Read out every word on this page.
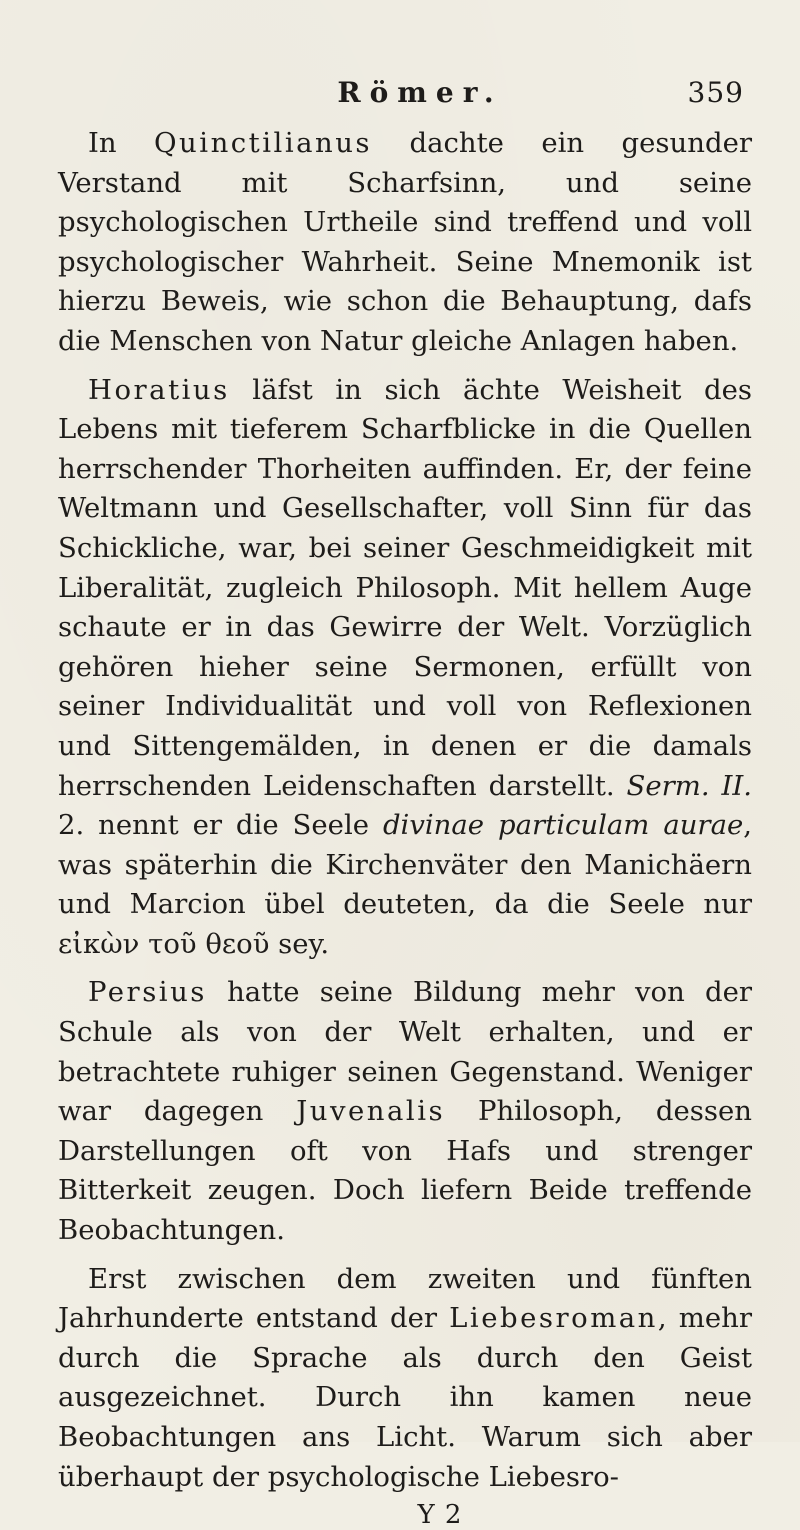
Römer.	359

In Quinctilianus dachte ein gesunder Verstand mit Scharfsinn, und seine psychologischen Urtheile sind treffend und voll psychologischer Wahrheit. Seine Mnemonik ist hierzu Beweis, wie schon die Behauptung, dafs die Menschen von Natur gleiche Anlagen haben.

Horatius läfst in sich ächte Weisheit des Lebens mit tieferem Scharfblicke in die Quellen herrschender Thorheiten auffinden. Er, der feine Weltmann und Gesellschafter, voll Sinn für das Schickliche, war, bei seiner Geschmeidigkeit mit Liberalität, zugleich Philosoph. Mit hellem Auge schaute er in das Gewirre der Welt. Vorzüglich gehören hieher seine Sermonen, erfüllt von seiner Individualität und voll von Reflexionen und Sittengemälden, in denen er die damals herrschenden Leidenschaften darstellt. Serm. II. 2. nennt er die Seele divinae particulam aurae, was späterhin die Kirchenväter den Manichäern und Marcion übel deuteten, da die Seele nur εἰκὼν τοῦ θεοῦ sey.

Persius hatte seine Bildung mehr von der Schule als von der Welt erhalten, und er betrachtete ruhiger seinen Gegenstand. Weniger war dagegen Juvenalis Philosoph, dessen Darstellungen oft von Hafs und strenger Bitterkeit zeugen. Doch liefern Beide treffende Beobachtungen.

Erst zwischen dem zweiten und fünften Jahrhunderte entstand der Liebesroman, mehr durch die Sprache als durch den Geist ausgezeichnet. Durch ihn kamen neue Beobachtungen ans Licht. Warum sich aber überhaupt der psychologische Liebesro-

Y 2
